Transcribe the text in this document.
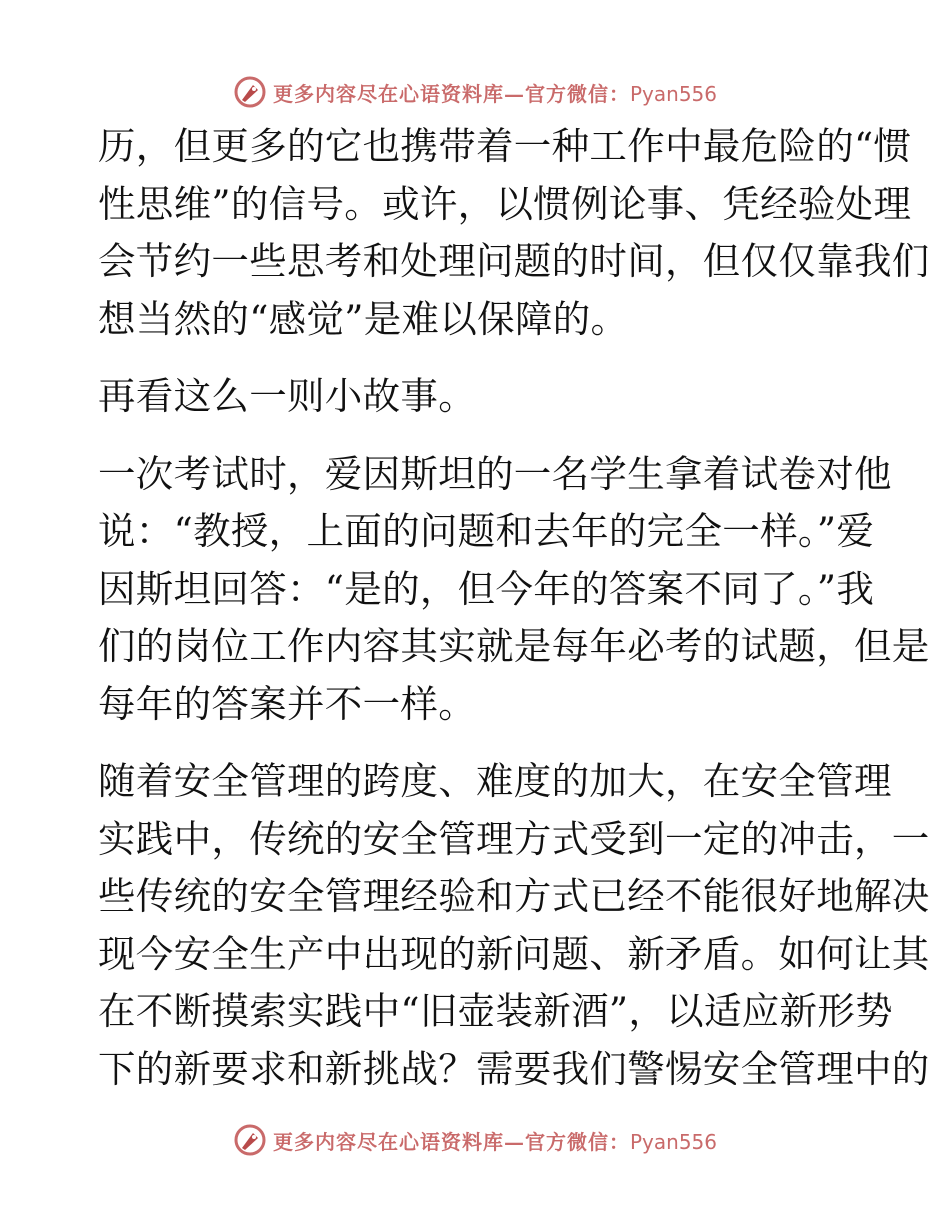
更多内容尽在心语资料库—官方微信：Pyan556
历，但更多的它也携带着一种工作中最危险的“惯
性思维”的信号。或许，以惯例论事、凭经验处理
会节约一些思考和处理问题的时间，但仅仅靠我们
想当然的“感觉”是难以保障的。
再看这么一则小故事。
一次考试时，爱因斯坦的一名学生拿着试卷对他
说：“教授，上面的问题和去年的完全一样。”爱
因斯坦回答：“是的，但今年的答案不同了。”我
们的岗位工作内容其实就是每年必考的试题，但是
每年的答案并不一样。
随着安全管理的跨度、难度的加大，在安全管理
实践中，传统的安全管理方式受到一定的冲击，一
些传统的安全管理经验和方式已经不能很好地解决
现今安全生产中出现的新问题、新矛盾。如何让其
在不断摸索实践中“旧壶装新酒”，以适应新形势
下的新要求和新挑战？需要我们警惕安全管理中的
更多内容尽在心语资料库—官方微信：Pyan556
